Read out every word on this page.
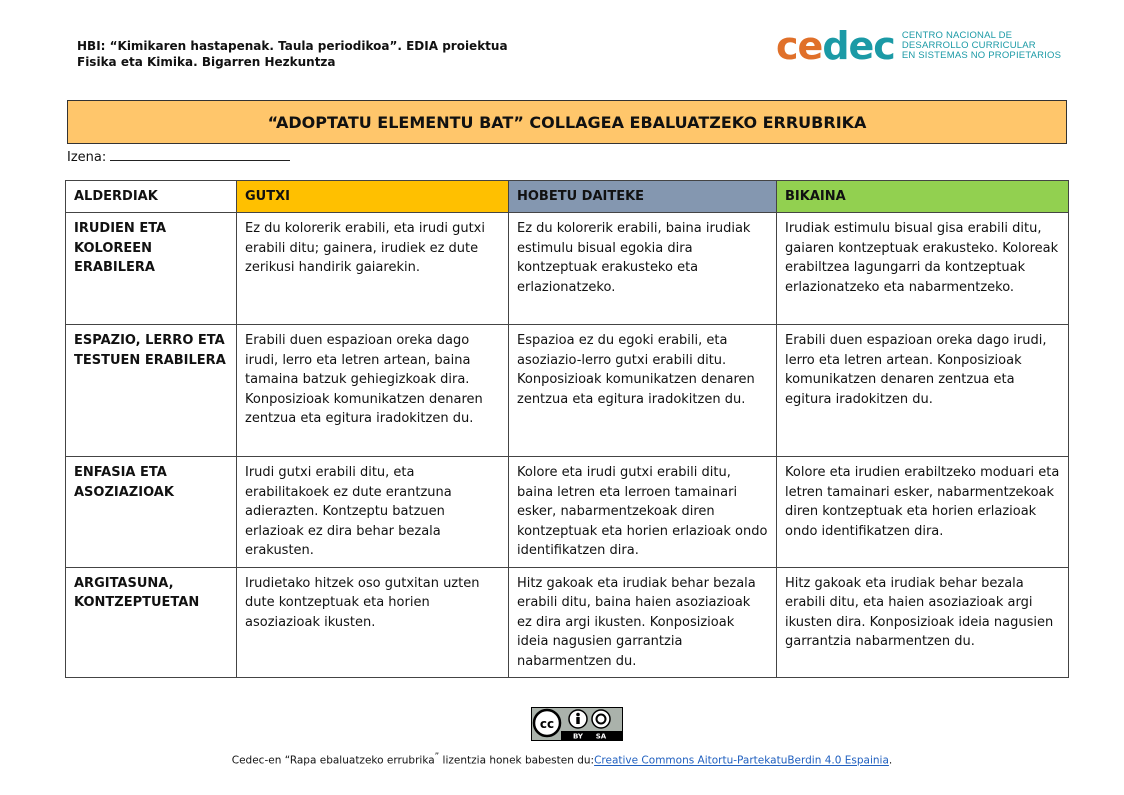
HBI: “Kimikaren hastapenak. Taula periodikoa”. EDIA proiektua
Fisika eta Kimika. Bigarren Hezkuntza	cedec CENTRO NACIONAL DE
DESARROLLO CURRICULAR
EN SISTEMAS NO PROPIETARIOS
“ADOPTATU ELEMENTU BAT” COLLAGEA EBALUATZEKO ERRUBRIKA
Izena:
ALDERDIAK	GUTXI	HOBETU DAITEKE	BIKAINA
IRUDIEN ETA KOLOREEN ERABILERA	Ez du kolorerik erabili, eta irudi gutxi erabili ditu; gainera, irudiek ez dute zerikusi handirik gaiarekin.	Ez du kolorerik erabili, baina irudiak estimulu bisual egokia dira kontzeptuak erakusteko eta erlazionatzeko.	Irudiak estimulu bisual gisa erabili ditu, gaiaren kontzeptuak erakusteko. Koloreak erabiltzea lagungarri da kontzeptuak erlazionatzeko eta nabarmentzeko.
ESPAZIO, LERRO ETA TESTUEN ERABILERA	Erabili duen espazioan oreka dago irudi, lerro eta letren artean, baina tamaina batzuk gehiegizkoak dira. Konposizioak komunikatzen denaren zentzua eta egitura iradokitzen du.	Espazioa ez du egoki erabili, eta asoziazio-lerro gutxi erabili ditu. Konposizioak komunikatzen denaren zentzua eta egitura iradokitzen du.	Erabili duen espazioan oreka dago irudi, lerro eta letren artean. Konposizioak komunikatzen denaren zentzua eta egitura iradokitzen du.
ENFASIA ETA ASOZIAZIOAK	Irudi gutxi erabili ditu, eta erabilitakoek ez dute erantzuna adierazten. Kontzeptu batzuen erlazioak ez dira behar bezala erakusten.	Kolore eta irudi gutxi erabili ditu, baina letren eta lerroen tamainari esker, nabarmentzekoak diren kontzeptuak eta horien erlazioak ondo identifikatzen dira.	Kolore eta irudien erabiltzeko moduari eta letren tamainari esker, nabarmentzekoak diren kontzeptuak eta horien erlazioak ondo identifikatzen dira.
ARGITASUNA, KONTZEPTUETAN	Irudietako hitzek oso gutxitan uzten dute kontzeptuak eta horien asoziazioak ikusten.	Hitz gakoak eta irudiak behar bezala erabili ditu, baina haien asoziazioak ez dira argi ikusten. Konposizioak ideia nagusien garrantzia nabarmentzen du.	Hitz gakoak eta irudiak behar bezala erabili ditu, eta haien asoziazioak argi ikusten dira. Konposizioak ideia nagusien garrantzia nabarmentzen du.
cc
BY SA
Cedec-en “Rapa ebaluatzeko errubrika” lizentzia honek babesten du:Creative Commons Aitortu-PartekatuBerdin 4.0 Espainia.
